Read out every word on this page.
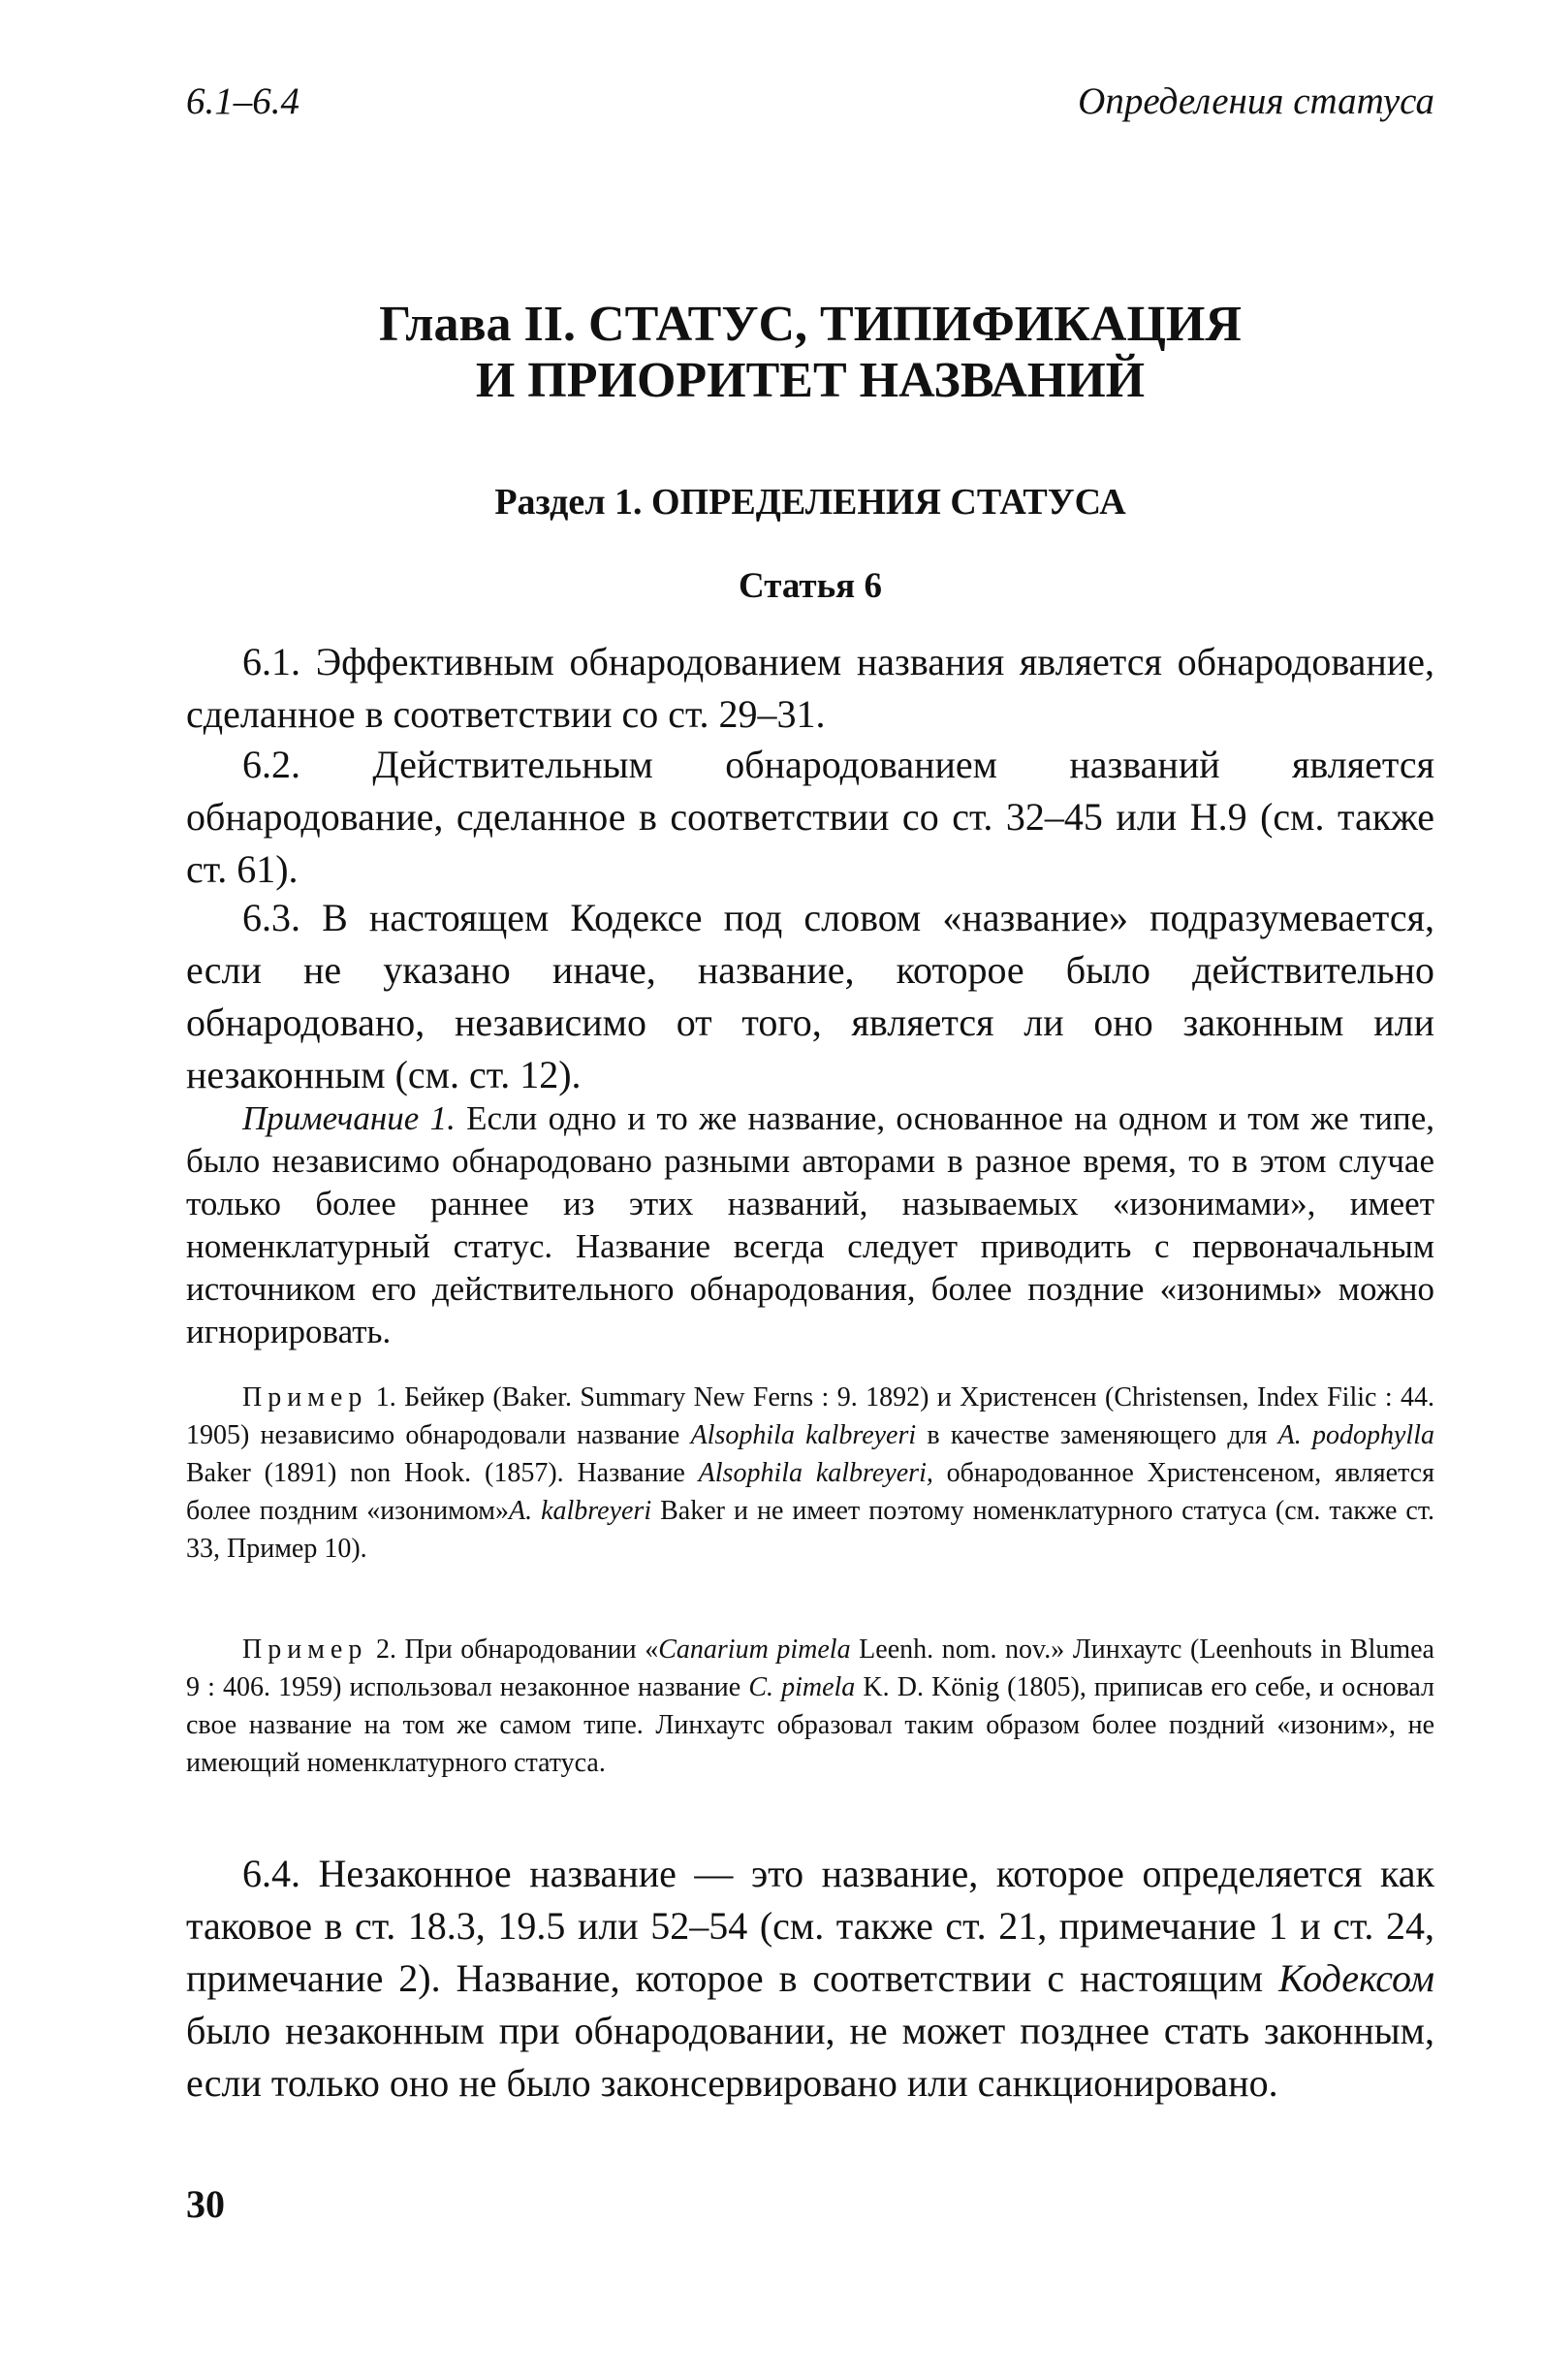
6.1–6.4	Определения статуса
Глава II. СТАТУС, ТИПИФИКАЦИЯ
И ПРИОРИТЕТ НАЗВАНИЙ
Раздел 1. ОПРЕДЕЛЕНИЯ СТАТУСА
Статья 6

6.1. Эффективным обнародованием названия является обнародование, сделанное в соответствии со ст. 29–31.

6.2. Действительным обнародованием названий является обнародование, сделанное в соответствии со ст. 32–45 или Н.9 (см. также ст. 61).

6.3. В настоящем Кодексе под словом «название» подразумевается, если не указано иначе, название, которое было действительно обнародовано, независимо от того, является ли оно законным или незаконным (см. ст. 12).

Примечание 1. Если одно и то же название, основанное на одном и том же типе, было независимо обнародовано разными авторами в разное время, то в этом случае только более раннее из этих названий, называемых «изонимами», имеет номенклатурный статус. Название всегда следует приводить с первоначальным источником его действительного обнародования, более поздние «изонимы» можно игнорировать.

Пример 1. Бейкер (Baker. Summary New Ferns : 9. 1892) и Христенсен (Christensen, Index Filic : 44. 1905) независимо обнародовали название Alsophila kalbreyeri в качестве заменяющего для A. podophylla Baker (1891) non Hook. (1857). Название Alsophila kalbreyeri, обнародованное Христенсеном, является более поздним «изонимом»A. kalbreyeri Baker и не имеет поэтому номенклатурного статуса (см. также ст. 33, Пример 10).

Пример 2. При обнародовании «Canarium pimela Leenh. nom. nov.» Линхаутс (Leenhouts in Blumea 9 : 406. 1959) использовал незаконное название C. pimela K. D. König (1805), приписав его себе, и основал свое название на том же самом типе. Линхаутс образовал таким образом более поздний «изоним», не имеющий номенклатурного статуса.

6.4. Незаконное название — это название, которое определяется как таковое в ст. 18.3, 19.5 или 52–54 (см. также ст. 21, примечание 1 и ст. 24, примечание 2). Название, которое в соответствии с настоящим Кодексом было незаконным при обнародовании, не может позднее стать законным, если только оно не было законсервировано или санкционировано.

30
